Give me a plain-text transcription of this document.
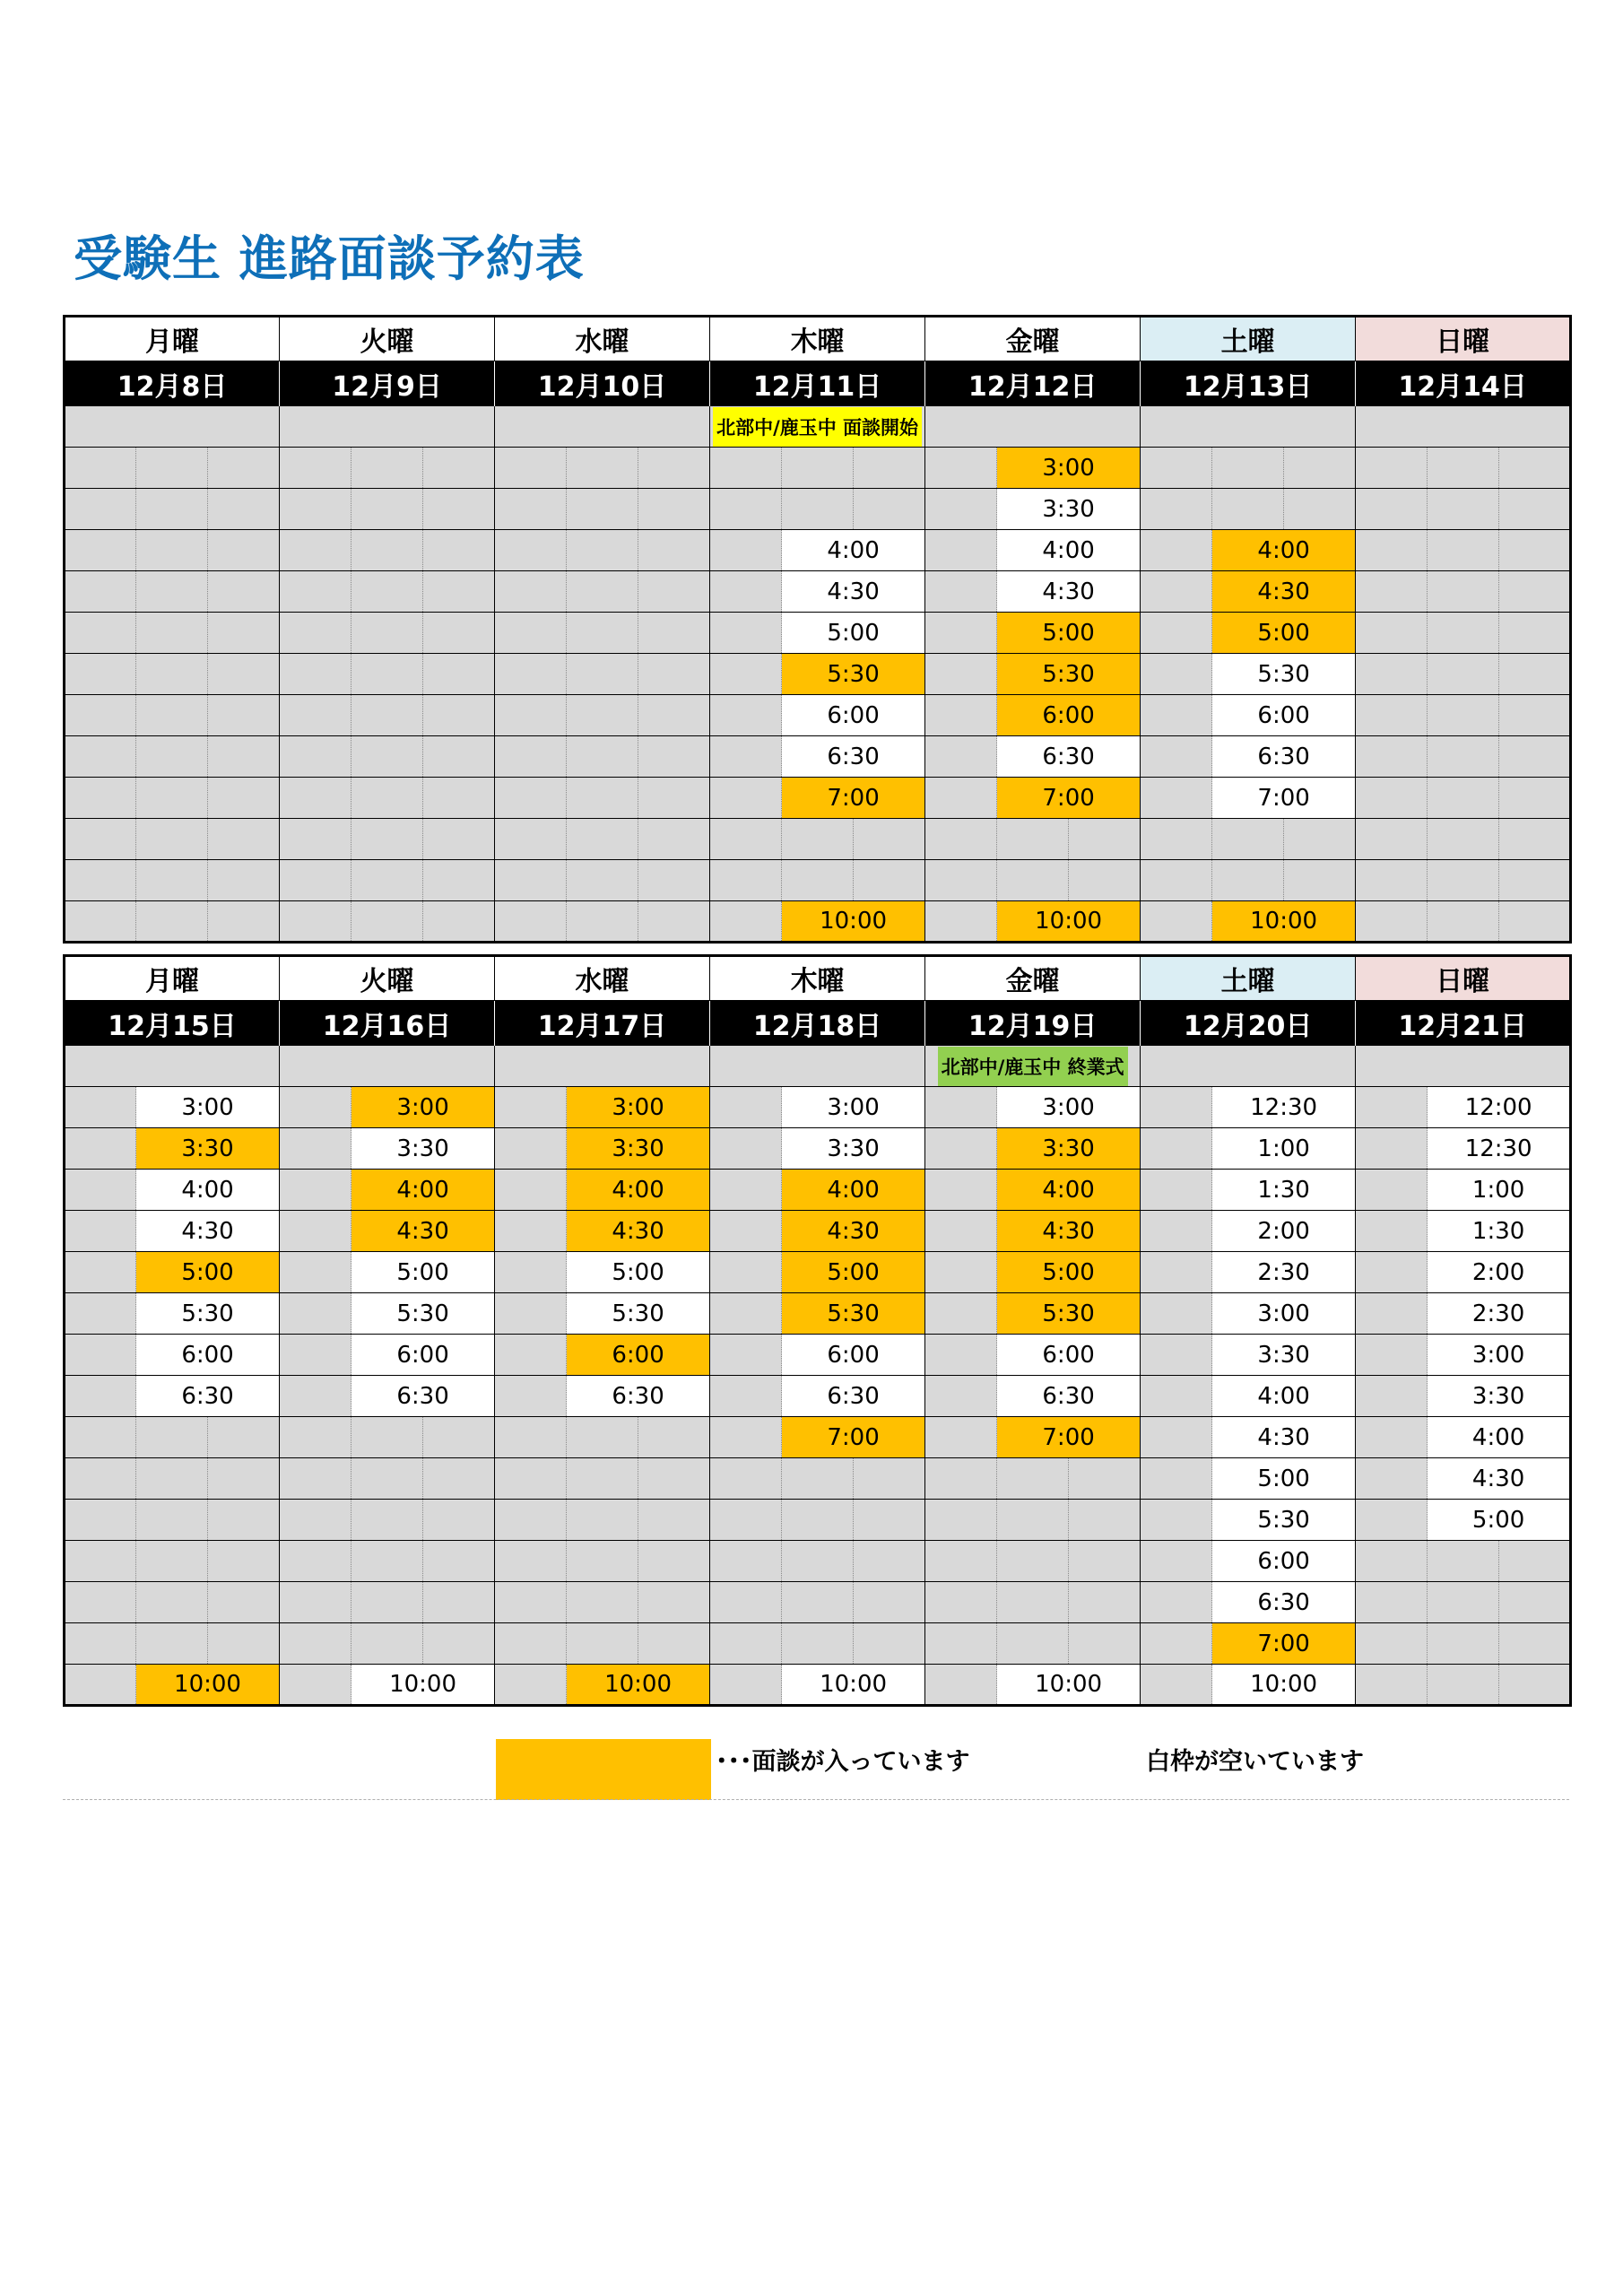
受験生 進路面談予約表
月曜			火曜			水曜			木曜			金曜			土曜			日曜		
12月8日			12月9日			12月10日			12月11日			12月12日			12月13日			12月14日		
									北部中/鹿玉中 面談開始											
													3:00							
													3:30							
										4:00			4:00			4:00				
										4:30			4:30			4:30				
										5:00			5:00			5:00				
										5:30			5:30			5:30				
										6:00			6:00			6:00				
										6:30			6:30			6:30				
										7:00			7:00			7:00				

										10:00			10:00			10:00				
月曜			火曜			水曜			木曜			金曜			土曜		日曜		
12月15日			12月16日			12月17日			12月18日			12月19日			12月20日		12月21日		
												北部中/鹿玉中 終業式							
	3:00			3:00			3:00			3:00			3:00			12:30		12:00	
	3:30			3:30			3:30			3:30			3:30			1:00		12:30	
	4:00			4:00			4:00			4:00			4:00			1:30		1:00	
	4:30			4:30			4:30			4:30			4:30			2:00		1:30	
	5:00			5:00			5:00			5:00			5:00			2:30		2:00	
	5:30			5:30			5:30			5:30			5:30			3:00		2:30	
	6:00			6:00			6:00			6:00			6:00			3:30		3:00	
	6:30			6:30			6:30			6:30			6:30			4:00		3:30	
										7:00			7:00			4:30		4:00	
																5:00		4:30	
																5:30		5:00	
																6:00			
																6:30			
																7:00			
	10:00			10:00			10:00			10:00			10:00			10:00			
･･･面談が入っています	白枠が空いています
